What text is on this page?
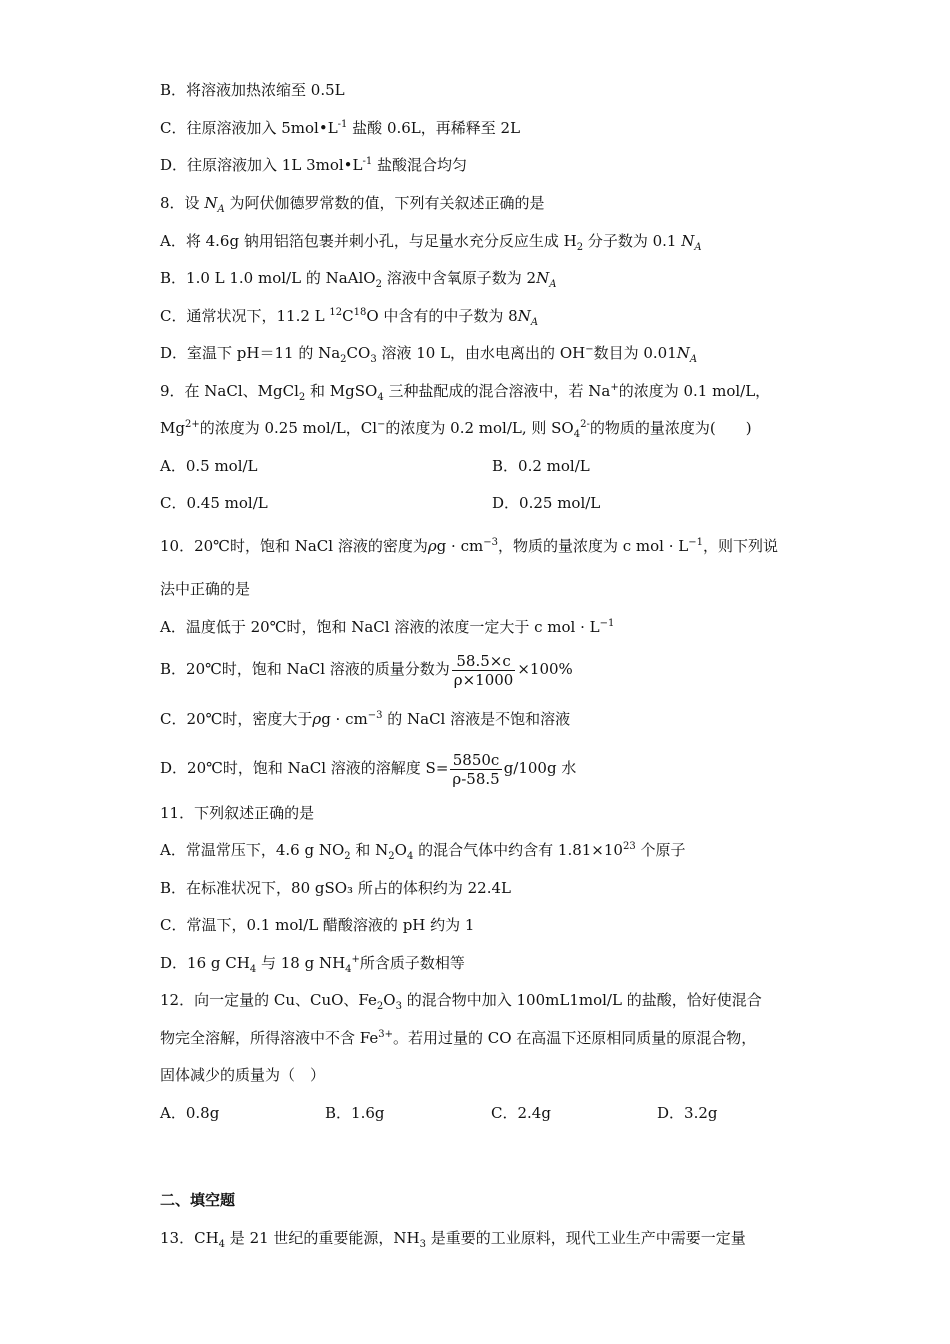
B．将溶液加热浓缩至 0.5L
C．往原溶液加入 $5mol•L^{-1}$ 盐酸 0.6L，再稀释至 2L
D．往原溶液加入 1L $3mol•L^{-1}$ 盐酸混合均匀
8．设 $N_A$ 为阿伏伽德罗常数的值，下列有关叙述正确的是
A．将 4.6g 钠用铝箔包裹并刺小孔，与足量水充分反应生成 $H_2$ 分子数为 0.1 $N_A$
B．1.0 L 1.0 mol/L 的 NaAlO$_2$ 溶液中含氧原子数为 $2N_A$
C．通常状况下，11.2 L $^{12}C^{18}O$ 中含有的中子数为 $8N_A$
D．室温下 pH＝11 的 $Na_2CO_3$ 溶液 10 L，由水电离出的 OH−数目为 $0.01N_A$
9．在 NaCl、MgCl$_2$ 和 MgSO$_4$ 三种盐配成的混合溶液中，若 Na+的浓度为 0.1 mol/L，
$Mg^{2+}$的浓度为 0.25 mol/L，Cl−的浓度为 0.2 mol/L, 则 $SO_4^{2-}$的物质的量浓度为(　　)
A．0.5 mol/L	B．0.2 mol/L
C．0.45 mol/L	D．0.25 mol/L
10．20℃时，饱和 NaCl 溶液的密度为$\rho g \cdot cm^{-3}$，物质的量浓度为 c mol · $L^{-1}$，则下列说
法中正确的是
A．温度低于 20℃时，饱和 NaCl 溶液的浓度一定大于 c mol · $L^{-1}$
B．20℃时，饱和 NaCl 溶液的质量分数为 $\frac{58.5\times c}{\rho\times 1000} \times 100\%$
C．20℃时，密度大于$\rho g \cdot cm^{-3}$ 的 NaCl 溶液是不饱和溶液
D．20℃时，饱和 NaCl 溶液的溶解度 $S= \frac{5850c}{\rho-58.5} g/100g$ 水
11．下列叙述正确的是
A．常温常压下，4.6 g $NO_2$ 和 $N_2O_4$ 的混合气体中约含有 $1.81\times 10^{23}$ 个原子
B．在标准状况下，80 gSO₃ 所占的体积约为 22.4L
C．常温下，0.1 mol/L 醋酸溶液的 pH 约为 1
D．16 g $CH_4$ 与 18 g $NH_4^+$所含质子数相等
12．向一定量的 Cu、CuO、$Fe_2O_3$ 的混合物中加入 100mL1mol/L 的盐酸，恰好使混合
物完全溶解，所得溶液中不含 $Fe^{3+}$。若用过量的 CO 在高温下还原相同质量的原混合物，
固体减少的质量为（　）
A．0.8g	B．1.6g	C．2.4g	D．3.2g
二、填空题
13．$CH_4$ 是 21 世纪的重要能源，$NH_3$ 是重要的工业原料，现代工业生产中需要一定量
